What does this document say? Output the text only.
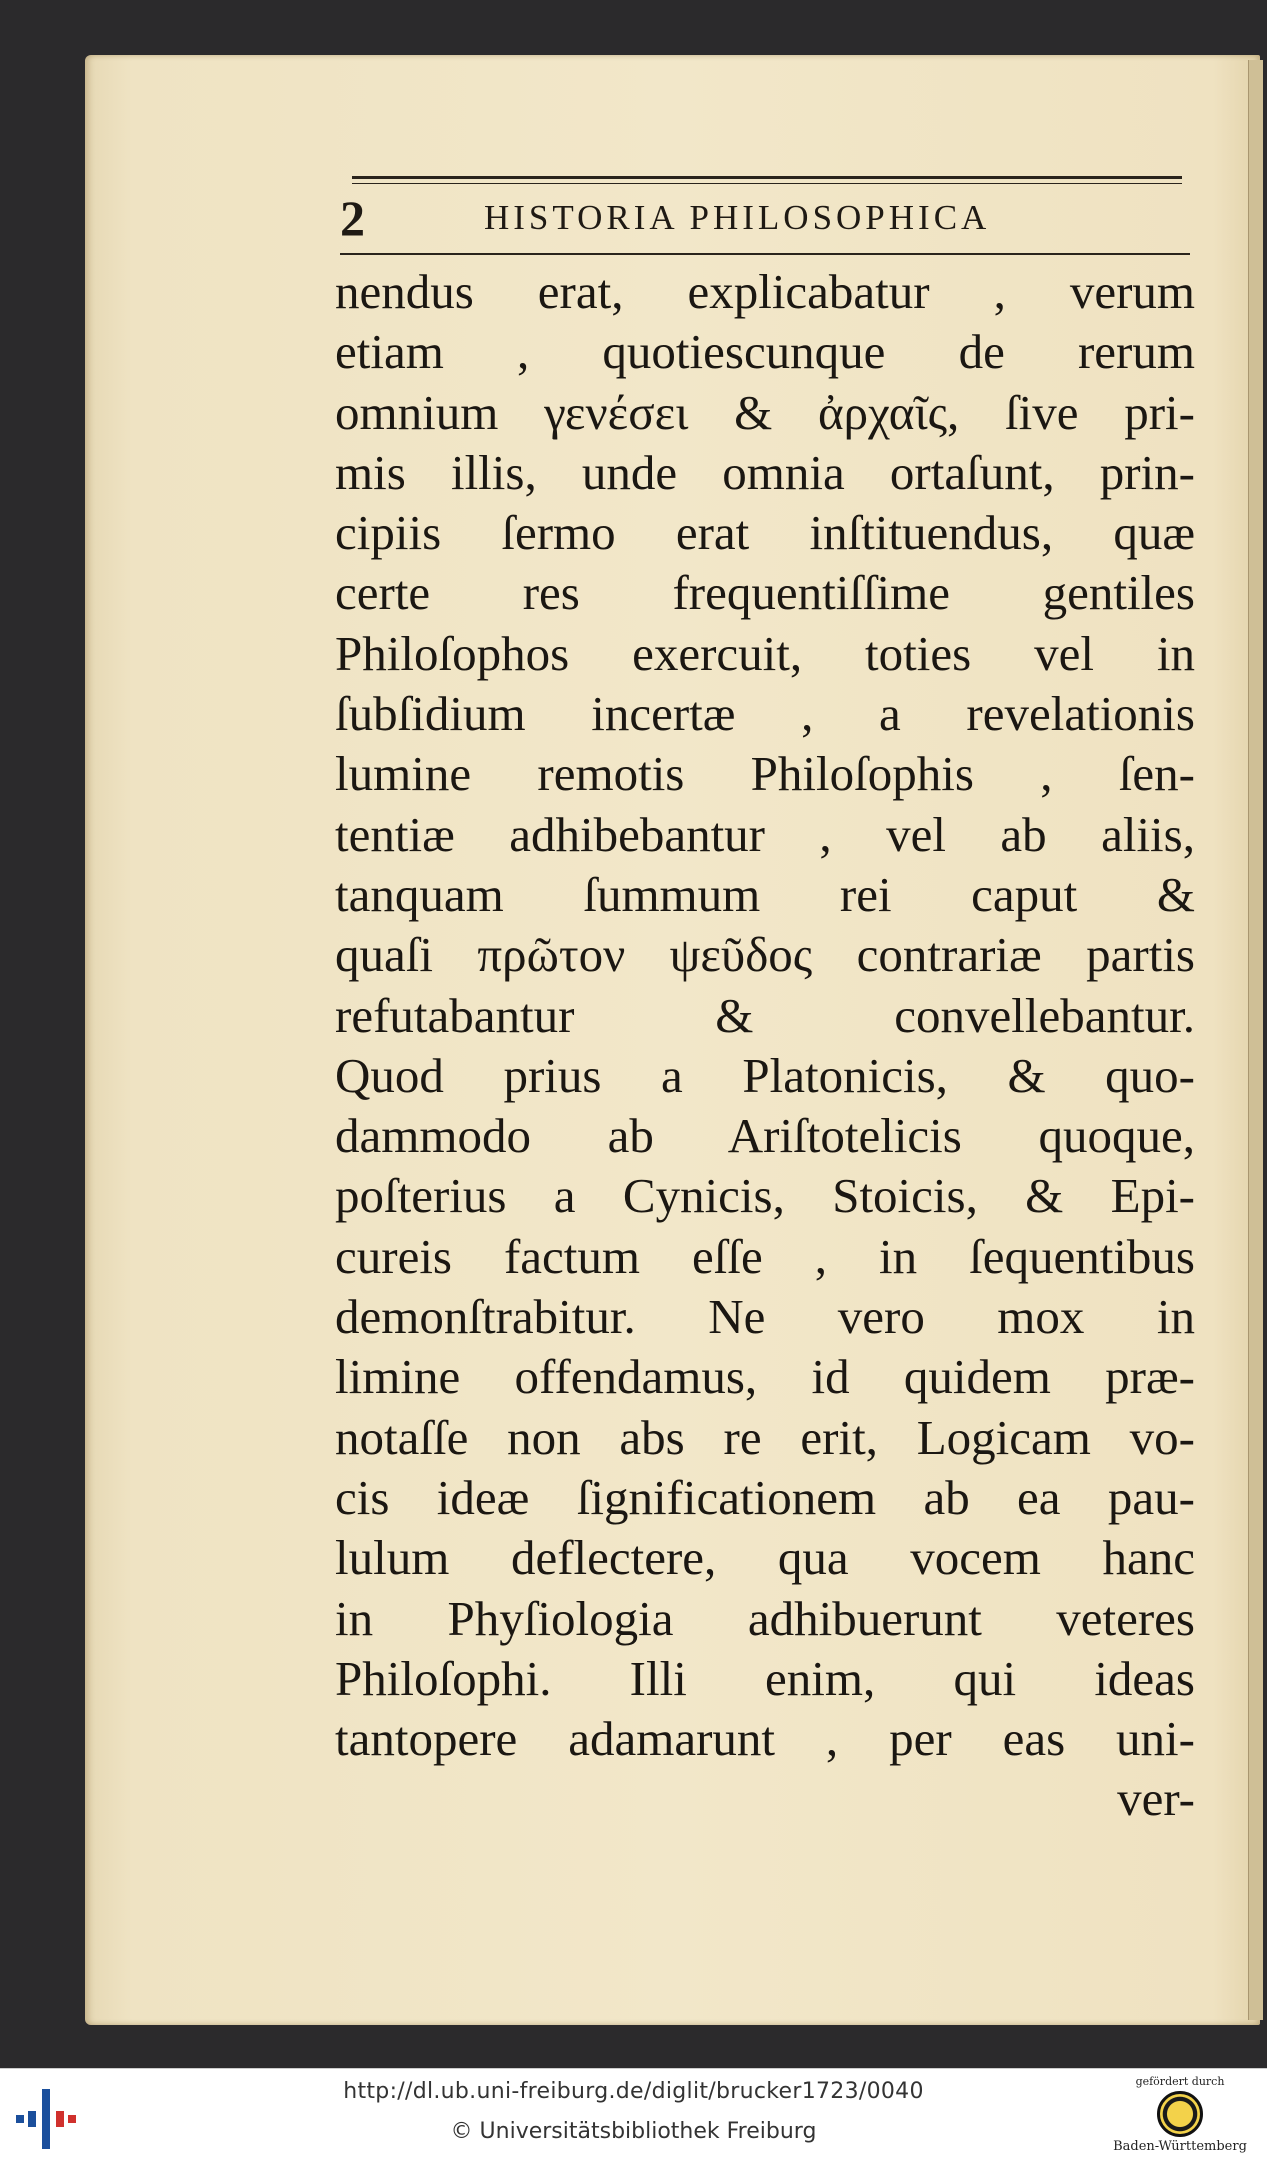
2	HISTORIA PHILOSOPHICA
nendus erat, explicabatur , verum
etiam , quotiescunque de rerum
omnium γενέσει & ἀρχαῖς, ſive pri-
mis illis, unde omnia ortaſunt, prin-
cipiis ſermo erat inſtituendus, quæ
certe res frequentiſſime gentiles
Philoſophos exercuit, toties vel in
ſubſidium incertæ , a revelationis
lumine remotis Philoſophis , ſen-
tentiæ adhibebantur , vel ab aliis,
tanquam ſummum rei caput &
quaſi πρῶτον ψεῦδος contrariæ partis
refutabantur & convellebantur.
Quod prius a Platonicis, & quo-
dammodo ab Ariſtotelicis quoque,
poſterius a Cynicis, Stoicis, & Epi-
cureis factum eſſe , in ſequentibus
demonſtrabitur. Ne vero mox in
limine offendamus, id quidem præ-
notaſſe non abs re erit, Logicam vo-
cis ideæ ſignificationem ab ea pau-
lulum deflectere, qua vocem hanc
in Phyſiologia adhibuerunt veteres
Philoſophi. Illi enim, qui ideas
tantopere adamarunt , per eas uni-
ver-
http://dl.ub.uni-freiburg.de/diglit/brucker1723/0040
© Universitätsbibliothek Freiburg
gefördert durch
Baden-Württemberg
